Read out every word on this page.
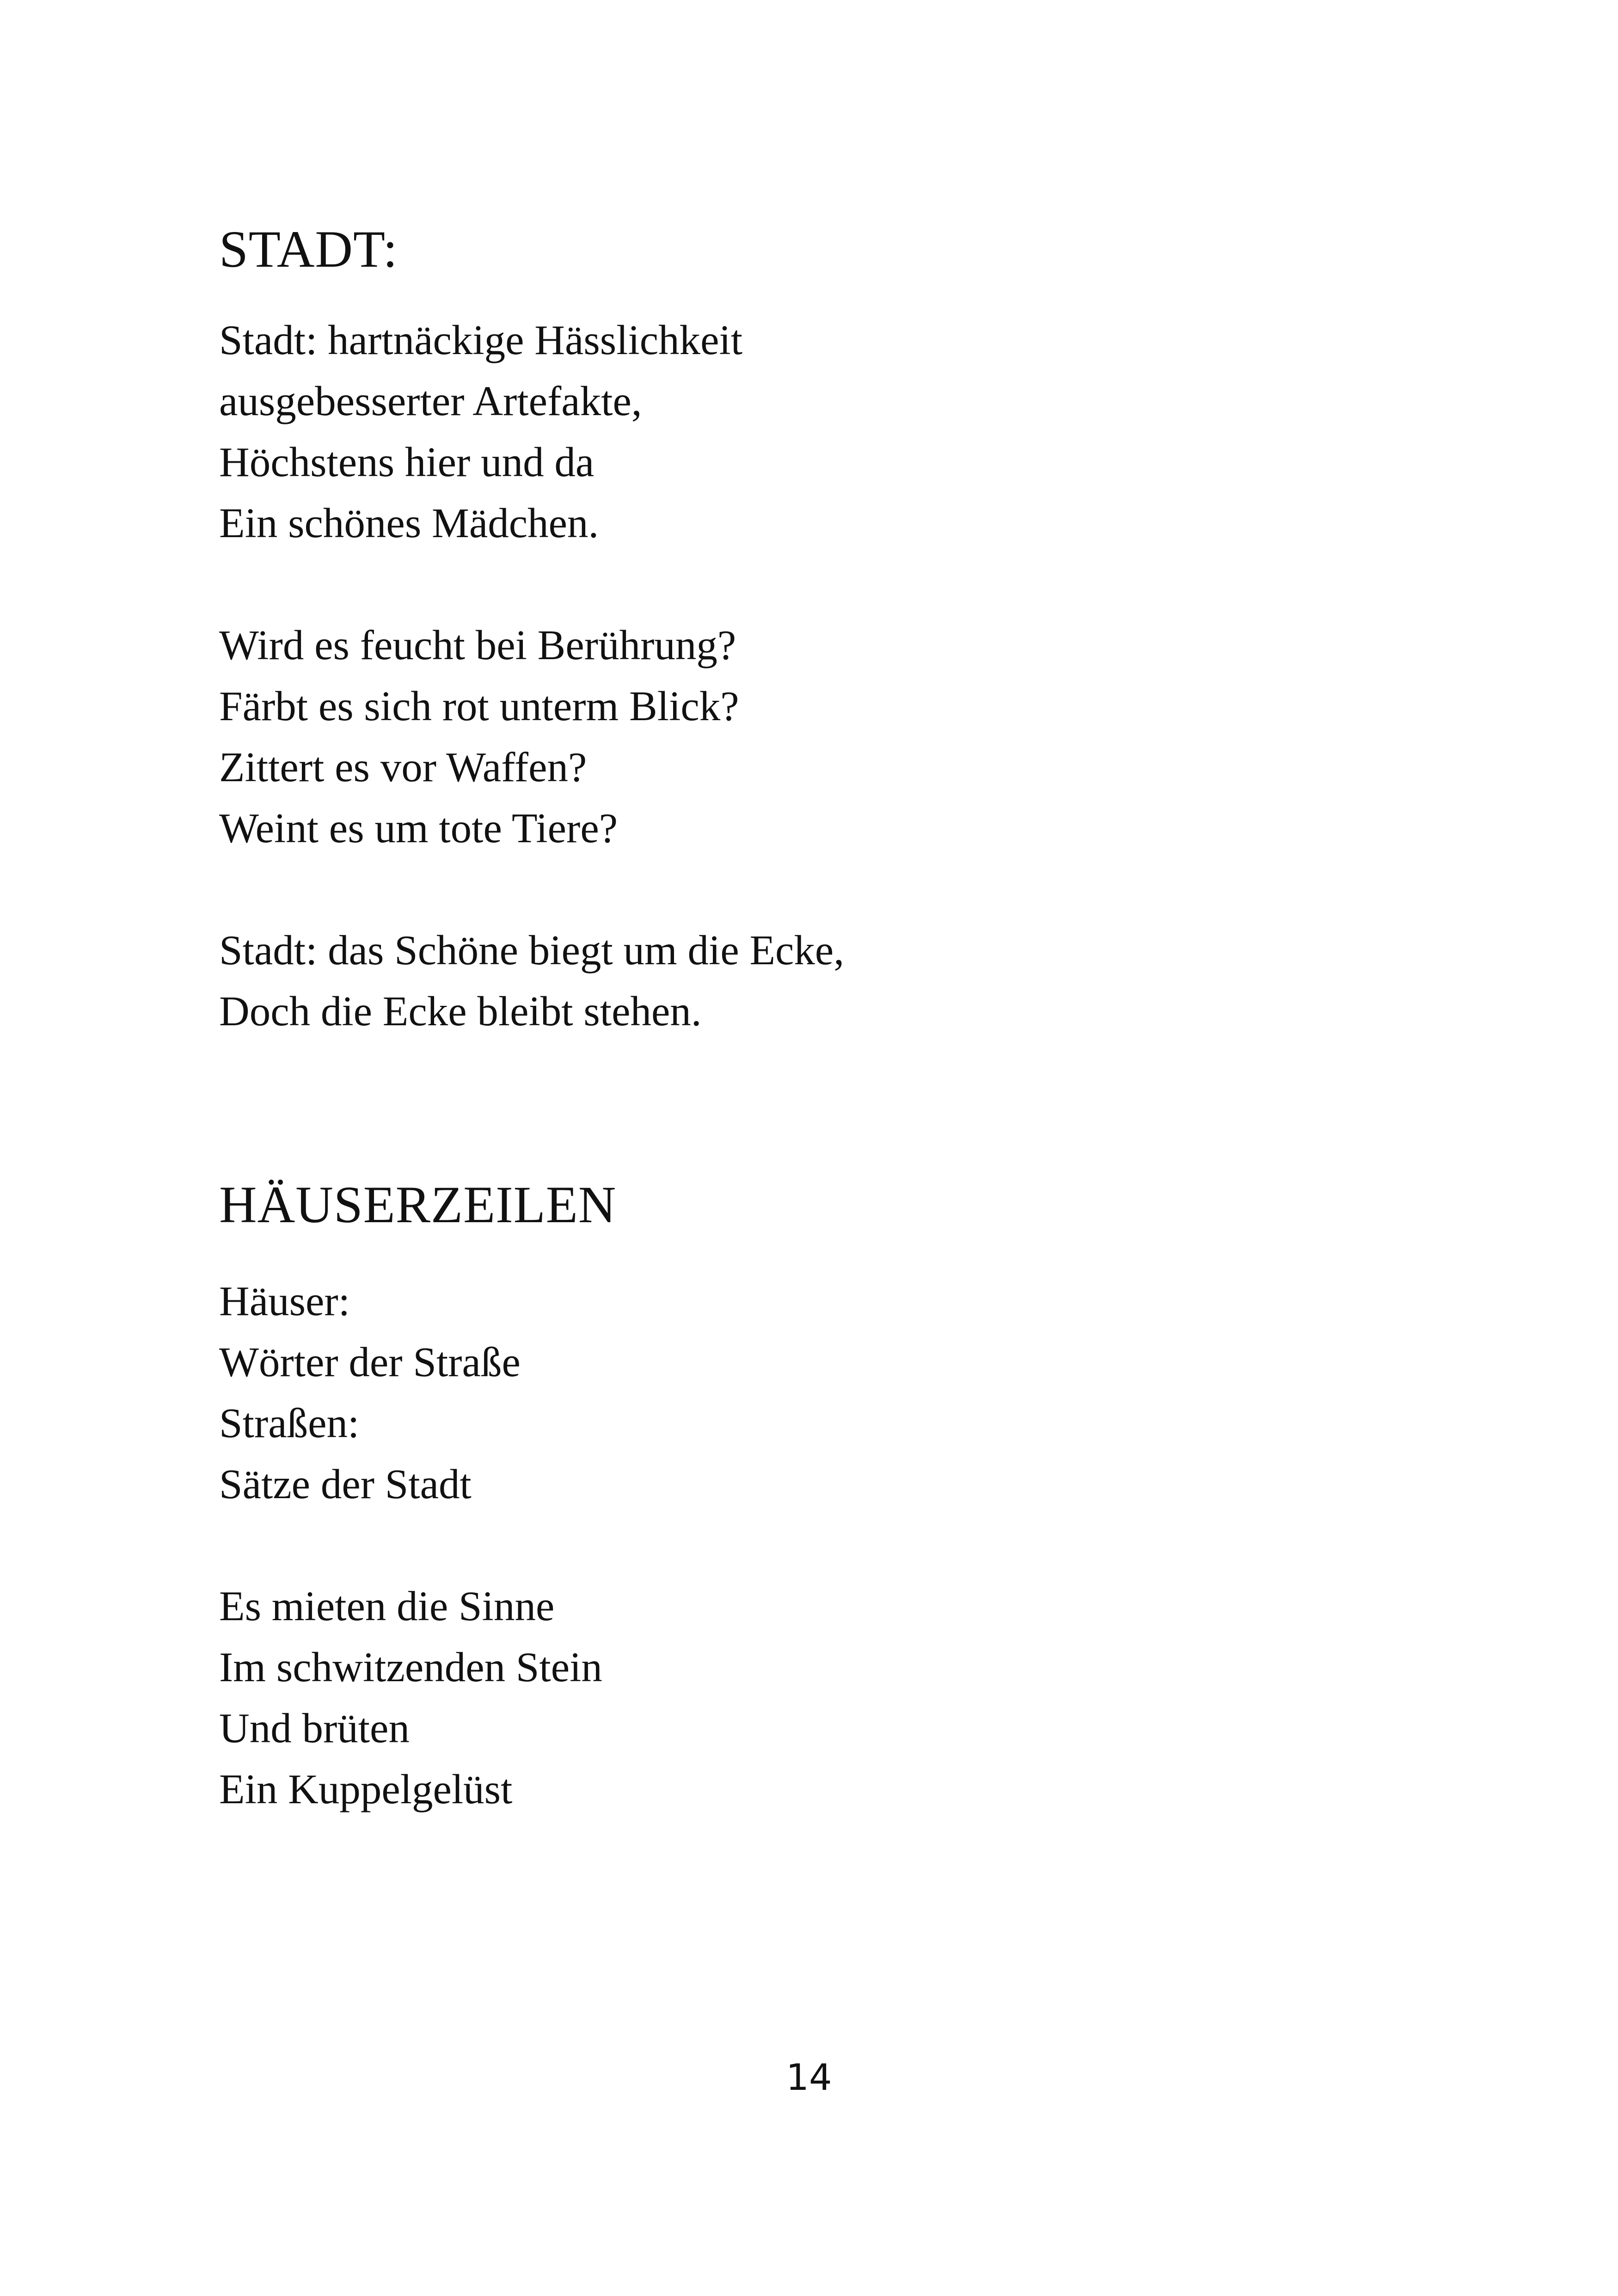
STADT:

Stadt: hartnäckige Hässlichkeit
ausgebesserter Artefakte,
Höchstens hier und da
Ein schönes Mädchen.

Wird es feucht bei Berührung?
Färbt es sich rot unterm Blick?
Zittert es vor Waffen?
Weint es um tote Tiere?

Stadt: das Schöne biegt um die Ecke,
Doch die Ecke bleibt stehen.

HÄUSERZEILEN

Häuser:
Wörter der Straße
Straßen:
Sätze der Stadt

Es mieten die Sinne
Im schwitzenden Stein
Und brüten
Ein Kuppelgelüst

14
